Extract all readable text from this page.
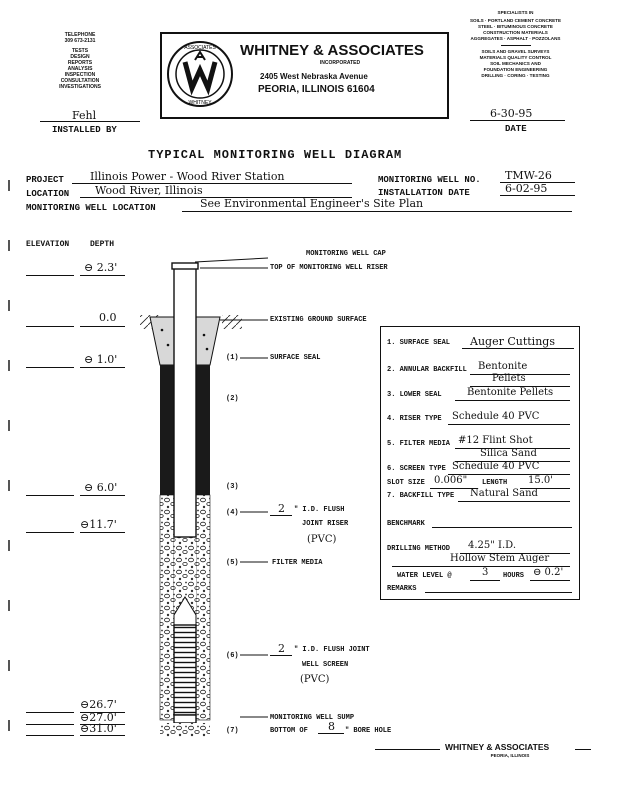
TELEPHONE
309 673-2131
TESTS
DESIGN
REPORTS
ANALYSIS
INSPECTION
CONSULTATION
INVESTIGATIONS
Fehl
INSTALLED BY
ASSOCIATES
WHITNEY
WHITNEY & ASSOCIATES
INCORPORATED
2405 West Nebraska Avenue
PEORIA, ILLINOIS 61604
SPECIALISTS IN
SOILS · PORTLAND CEMENT CONCRETE
STEEL · BITUMINOUS CONCRETE
CONSTRUCTION MATERIALS
AGGREGATES · ASPHALT · POZZOLANS
SOILS AND GRAVEL SURVEYS
MATERIALS QUALITY CONTROL
SOIL MECHANICS AND
FOUNDATION ENGINEERING
DRILLING · CORING · TESTING
6-30-95
DATE
TYPICAL MONITORING WELL DIAGRAM
PROJECT Illinois Power - Wood River Station	MONITORING WELL NO. TMW-26
LOCATION Wood River, Illinois	INSTALLATION DATE	6-02-95
MONITORING WELL LOCATION	See Environmental Engineer's Site Plan
ELEVATION	DEPTH
⊖ 2.3'
0.0
⊖ 1.0'
⊖ 6.0'
⊖11.7'
⊖26.7'
⊖27.0'
⊖31.0'
MONITORING WELL CAP
TOP OF MONITORING WELL RISER
EXISTING GROUND SURFACE
(1)	SURFACE SEAL
(2)
(3)
(4)	2 " I.D. FLUSH
JOINT RISER
(PVC)
(5)	FILTER MEDIA
(6)
2 " I.D. FLUSH JOINT
WELL SCREEN
(PVC)
MONITORING WELL SUMP
(7)	BOTTOM OF 8 " BORE HOLE
1. SURFACE SEAL Auger Cuttings
2. ANNULAR BACKFILL Bentonite
Pellets
3. LOWER SEAL	Bentonite Pellets
4. RISER TYPE Schedule 40 PVC
5. FILTER MEDIA #12 Flint Shot
Silica Sand
6. SCREEN TYPE Schedule 40 PVC
SLOT SIZE 0.006" LENGTH 15.0'
7. BACKFILL TYPE Natural Sand
BENCHMARK
DRILLING METHOD 4.25" I.D.
Hollow Stem Auger
WATER LEVEL @	3 HOURS ⊖ 0.2'
REMARKS
WHITNEY & ASSOCIATES
PEORIA, ILLINOIS
